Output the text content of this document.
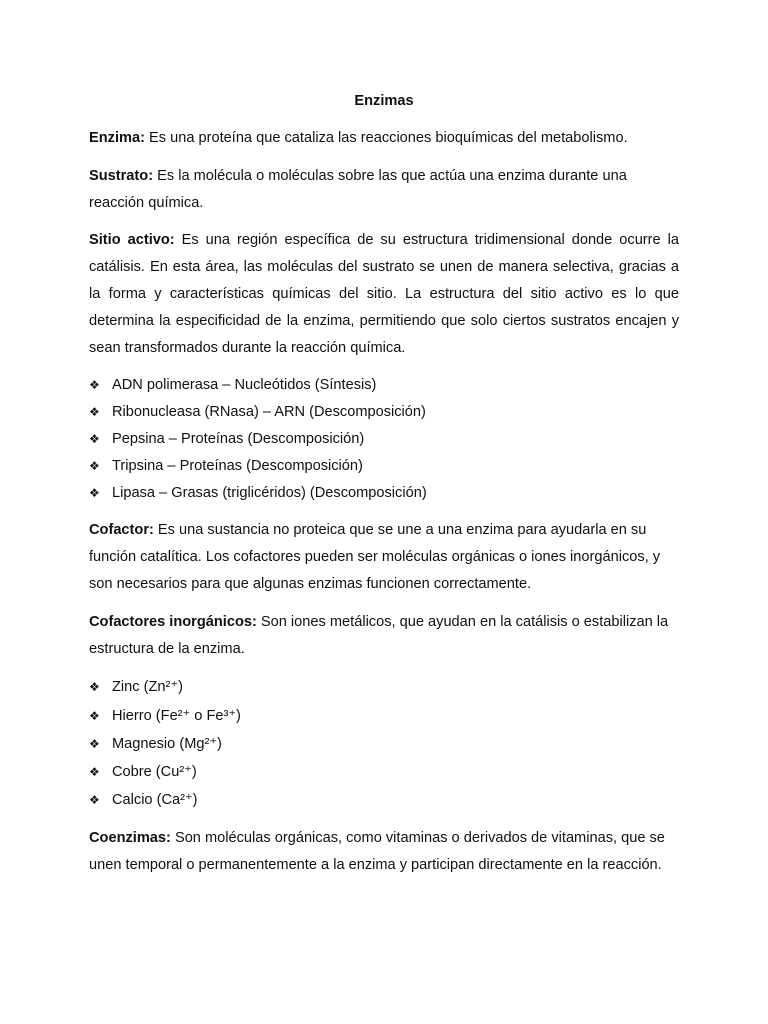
Enzimas

Enzima: Es una proteína que cataliza las reacciones bioquímicas del metabolismo.

Sustrato: Es la molécula o moléculas sobre las que actúa una enzima durante una reacción química.

Sitio activo: Es una región específica de su estructura tridimensional donde ocurre la catálisis. En esta área, las moléculas del sustrato se unen de manera selectiva, gracias a la forma y características químicas del sitio. La estructura del sitio activo es lo que determina la especificidad de la enzima, permitiendo que solo ciertos sustratos encajen y sean transformados durante la reacción química.

❖ ADN polimerasa – Nucleótidos (Síntesis)
❖ Ribonucleasa (RNasa) – ARN (Descomposición)
❖ Pepsina – Proteínas (Descomposición)
❖ Tripsina – Proteínas (Descomposición)
❖ Lipasa – Grasas (triglicéridos) (Descomposición)

Cofactor: Es una sustancia no proteica que se une a una enzima para ayudarla en su función catalítica. Los cofactores pueden ser moléculas orgánicas o iones inorgánicos, y son necesarios para que algunas enzimas funcionen correctamente.

Cofactores inorgánicos: Son iones metálicos, que ayudan en la catálisis o estabilizan la estructura de la enzima.

❖ Zinc (Zn²⁺)
❖ Hierro (Fe²⁺ o Fe³⁺)
❖ Magnesio (Mg²⁺)
❖ Cobre (Cu²⁺)
❖ Calcio (Ca²⁺)

Coenzimas: Son moléculas orgánicas, como vitaminas o derivados de vitaminas, que se unen temporal o permanentemente a la enzima y participan directamente en la reacción.
